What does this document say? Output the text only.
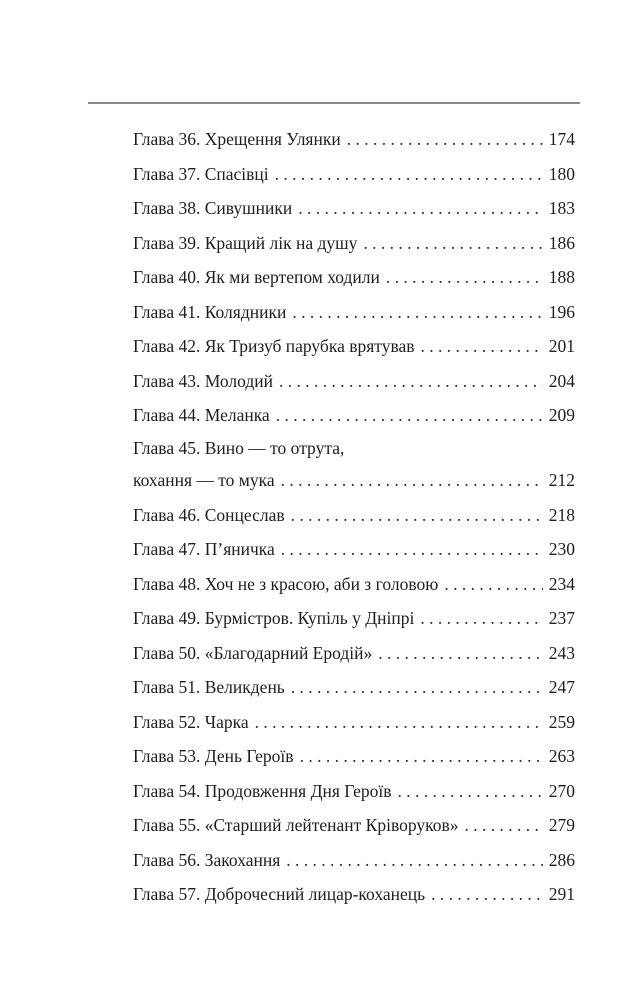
Глава 36. Хрещення Улянки . . .	174
Глава 37. Спасівці . . .	180
Глава 38. Сивушники . . .	183
Глава 39. Кращий лік на душу . . .	186
Глава 40. Як ми вертепом ходили . . .	188
Глава 41. Колядники . . .	196
Глава 42. Як Тризуб парубка врятував . . .	201
Глава 43. Молодий . . .	204
Глава 44. Меланка . . .	209
Глава 45. Вино — то отрута,
кохання — то мука . . .	212
Глава 46. Сонцеслав . . .	218
Глава 47. П’яничка . . .	230
Глава 48. Хоч не з красою, аби з головою . . .	234
Глава 49. Бурмістров. Купіль у Дніпрі . . .	237
Глава 50. «Благодарний Еродій» . . .	243
Глава 51. Великдень . . .	247
Глава 52. Чарка . . .	259
Глава 53. День Героїв . . .	263
Глава 54. Продовження Дня Героїв . . .	270
Глава 55. «Старший лейтенант Кріворуков» . . .	279
Глава 56. Закохання . . .	286
Глава 57. Доброчесний лицар-коханець . . .	291
